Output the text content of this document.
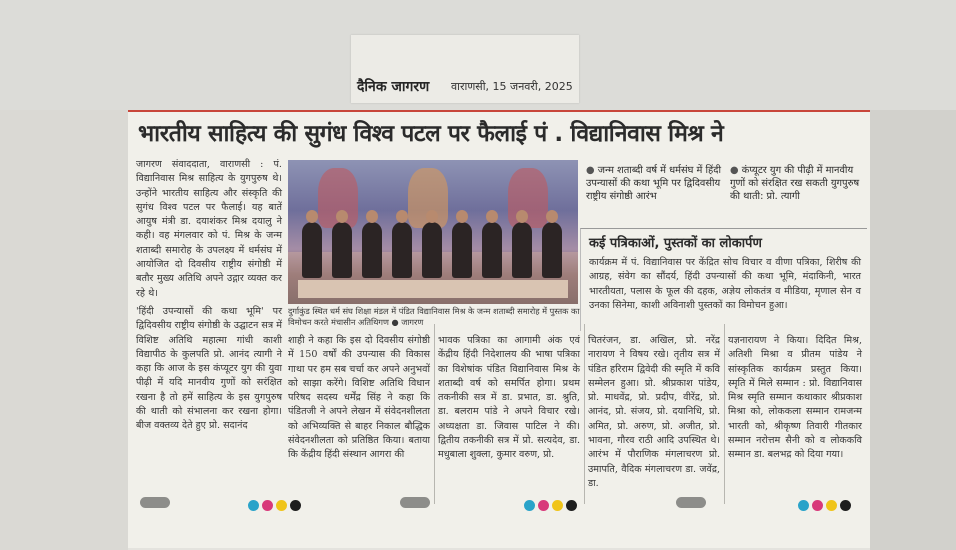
दैनिक जागरण वाराणसी, 15 जनवरी, 2025
भारतीय साहित्य की सुगंध विश्व पटल पर फैलाई पं . विद्यानिवास मिश्र ने

जागरण संवाददाता, वाराणसी : पं. विद्यानिवास मिश्र साहित्य के युगपुरुष थे। उन्होंने भारतीय साहित्य और संस्कृति की सुगंध विश्व पटल पर फैलाई। यह बातें आयुष मंत्री डा. दयाशंकर मिश्र दयालु ने कही। वह मंगलवार को पं. मिश्र के जन्म शताब्दी समारोह के उपलक्ष्य में धर्मसंघ में आयोजित दो दिवसीय राष्ट्रीय संगोष्ठी में बतौर मुख्य अतिथि अपने उद्गार व्यक्त कर रहे थे।

'हिंदी उपन्यासों की कथा भूमि' पर द्विदिवसीय राष्ट्रीय संगोष्ठी के उद्घाटन सत्र में विशिष्ट अतिथि महात्मा गांधी काशी विद्यापीठ के कुलपति प्रो. आनंद त्यागी ने कहा कि आज के इस कंप्यूटर युग की युवा पीढ़ी में यदि मानवीय गुणों को सरंक्षित रखना है तो हमें साहित्य के इस युगपुरुष की थाती को संभालना कर रखना होगा। बीज वक्तव्य देते हुए प्रो. सदानंद

दुर्गाकुंड स्थित धर्म संघ शिक्षा मंडल में पंडित विद्यानिवास मिश्र के जन्म शताब्दी समारोह में पुस्तक का विमोचन करते मंचासीन अतिथिगण ● जागरण
● जन्म शताब्दी वर्ष में धर्मसंघ में हिंदी उपन्यासों की कथा भूमि पर द्विदिवसीय राष्ट्रीय संगोष्ठी आरंभ
● कंप्यूटर युग की पीढ़ी में मानवीय गुणों को संरक्षित रख सकती युगपुरुष की थाती: प्रो. त्यागी
कई पत्रिकाओं, पुस्तकों का लोकार्पण
कार्यक्रम में पं. विद्यानिवास पर केंद्रित सोच विचार व वीणा पत्रिका, शिरीष की आग्रह, संवेग का सौंदर्य, हिंदी उपन्यासों की कथा भूमि, मंदाकिनी, भारत भारतीयता, पलास के फूल की दहक, अज्ञेय लोकतंत्र व मीडिया, मृणाल सेन व उनका सिनेमा, काशी अविनाशी पुस्तकों का विमोचन हुआ।
शाही ने कहा कि इस दो दिवसीय संगोष्ठी में 150 वर्षों की उपन्यास की विकास गाथा पर हम सब चर्चा कर अपने अनुभवों को साझा करेंगे। विशिष्ट अतिथि विधान परिषद सदस्य धर्मेंद्र सिंह ने कहा कि पंडितजी ने अपने लेखन में संवेदनशीलता को अभिव्यक्ति से बाहर निकाल बौद्धिक संवेदनशीलता को प्रतिष्ठित किया। बताया कि केंद्रीय हिंदी संस्थान आगरा की
भावक पत्रिका का आगामी अंक एवं केंद्रीय हिंदी निदेशालय की भाषा पत्रिका का विशेषांक पंडित विद्यानिवास मिश्र के शताब्दी वर्ष को समर्पित होगा। प्रथम तकनीकी सत्र में डा. प्रभात, डा. श्रुति, डा. बलराम पांडे ने अपने विचार रखे। अध्यक्षता डा. जिवास पाटिल ने की। द्वितीय तकनीकी सत्र में प्रो. सत्यदेव, डा. मधुबाला शुक्ला, कुमार वरुण, प्रो.
चितरंजन, डा. अखिल, प्रो. नरेंद्र नारायण ने विषय रखे। तृतीय सत्र में पंडित हरिराम द्विवेदी की स्मृति में कवि सम्मेलन हुआ। प्रो. श्रीप्रकाश पांडेय, प्रो. माधवेंद्र, प्रो. प्रदीप, वीरेंद्र, प्रो. आनंद, प्रो. संजय, प्रो. दयानिधि, प्रो. अमित, प्रो. अरुण, प्रो. अजीत, प्रो. भावना, गौरव राठी आदि उपस्थित थे। आरंभ में पौराणिक मंगलाचरण प्रो. उमापति, वैदिक मंगलाचरण डा. जवेंद्र, डा.
यज्ञनारायण ने किया। दिदित मिश्र, अतिशी मिश्रा व प्रीतम पांडेय ने सांस्कृतिक कार्यक्रम प्रस्तुत किया। स्मृति में मिले सम्मान : प्रो. विद्यानिवास मिश्र स्मृति सम्मान कथाकार श्रीप्रकाश मिश्रा को, लोककला सम्मान रामजन्म भारती को, श्रीकृष्ण तिवारी गीतकार सम्मान नरोत्तम सैनी को व लोककवि सम्मान डा. बलभद्र को दिया गया।
